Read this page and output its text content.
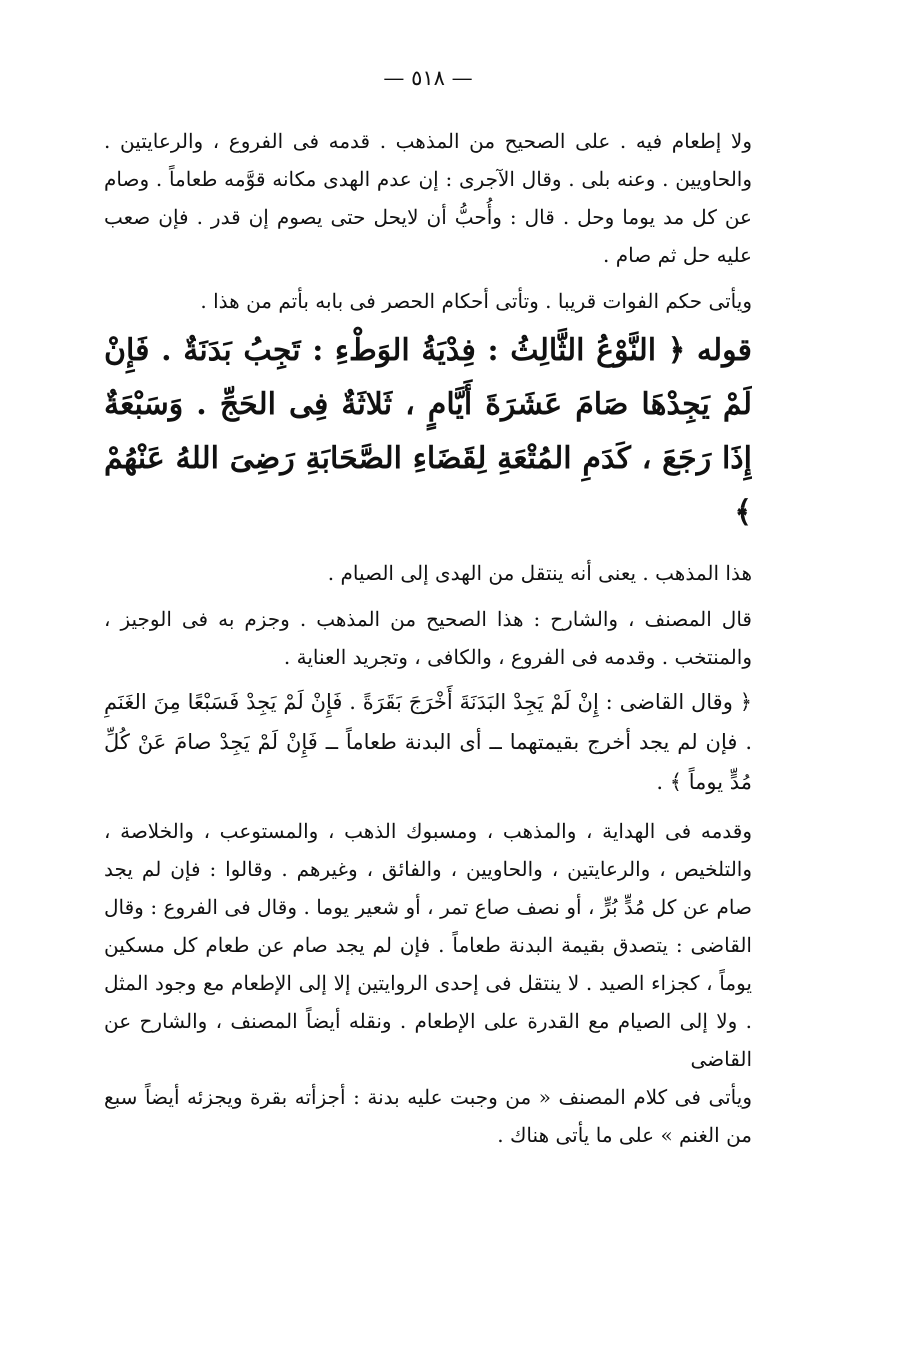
— ٥١٨ —

ولا إطعام فيه . على الصحيح من المذهب . قدمه فى الفروع ، والرعايتين . والحاويين . وعنه بلى . وقال الآجرى : إن عدم الهدى مكانه قوَّمه طعاماً . وصام عن كل مد يوما وحل . قال : وأُحبُّ أن لايحل حتى يصوم إن قدر . فإن صعب عليه حل ثم صام .

ويأتى حكم الفوات قريبا . وتأتى أحكام الحصر فى بابه بأتم من هذا .

قوله ﴿ النَّوْعُ الثَّالِثُ : فِدْيَةُ الوَطْءِ : تَجِبُ بَدَنَةٌ . فَإِنْ لَمْ يَجِدْهَا صَامَ عَشَرَةَ أَيَّامٍ ، ثَلاثَةٌ فِى الحَجِّ . وَسَبْعَةٌ إِذَا رَجَعَ ، كَدَمِ المُتْعَةِ لِقَضَاءِ الصَّحَابَةِ رَضِىَ اللهُ عَنْهُمْ ﴾

هذا المذهب . يعنى أنه ينتقل من الهدى إلى الصيام .

قال المصنف ، والشارح : هذا الصحيح من المذهب . وجزم به فى الوجيز ، والمنتخب . وقدمه فى الفروع ، والكافى ، وتجريد العناية .

﴿ وقال القاضى : إِنْ لَمْ يَجِدْ البَدَنَةَ أَخْرَجَ بَقَرَةً . فَإِنْ لَمْ يَجِدْ فَسَبْعًا مِنَ الغَنَمِ . فإن لم يجد أخرج بقيمتهما ــ أى البدنة طعاماً ــ فَإِنْ لَمْ يَجِدْ صامَ عَنْ كُلِّ مُدٍّ يوماً ﴾ .

وقدمه فى الهداية ، والمذهب ، ومسبوك الذهب ، والمستوعب ، والخلاصة ، والتلخيص ، والرعايتين ، والحاويين ، والفائق ، وغيرهم . وقالوا : فإن لم يجد صام عن كل مُدٍّ بُرٍّ ، أو نصف صاع تمر ، أو شعير يوما . وقال فى الفروع : وقال القاضى : يتصدق بقيمة البدنة طعاماً . فإن لم يجد صام عن طعام كل مسكين يوماً ، كجزاء الصيد . لا ينتقل فى إحدى الروايتين إلا إلى الإطعام مع وجود المثل . ولا إلى الصيام مع القدرة على الإطعام . ونقله أيضاً المصنف ، والشارح عن القاضى

ويأتى فى كلام المصنف « من وجبت عليه بدنة : أجزأته بقرة ويجزئه أيضاً سبع من الغنم » على ما يأتى هناك .
